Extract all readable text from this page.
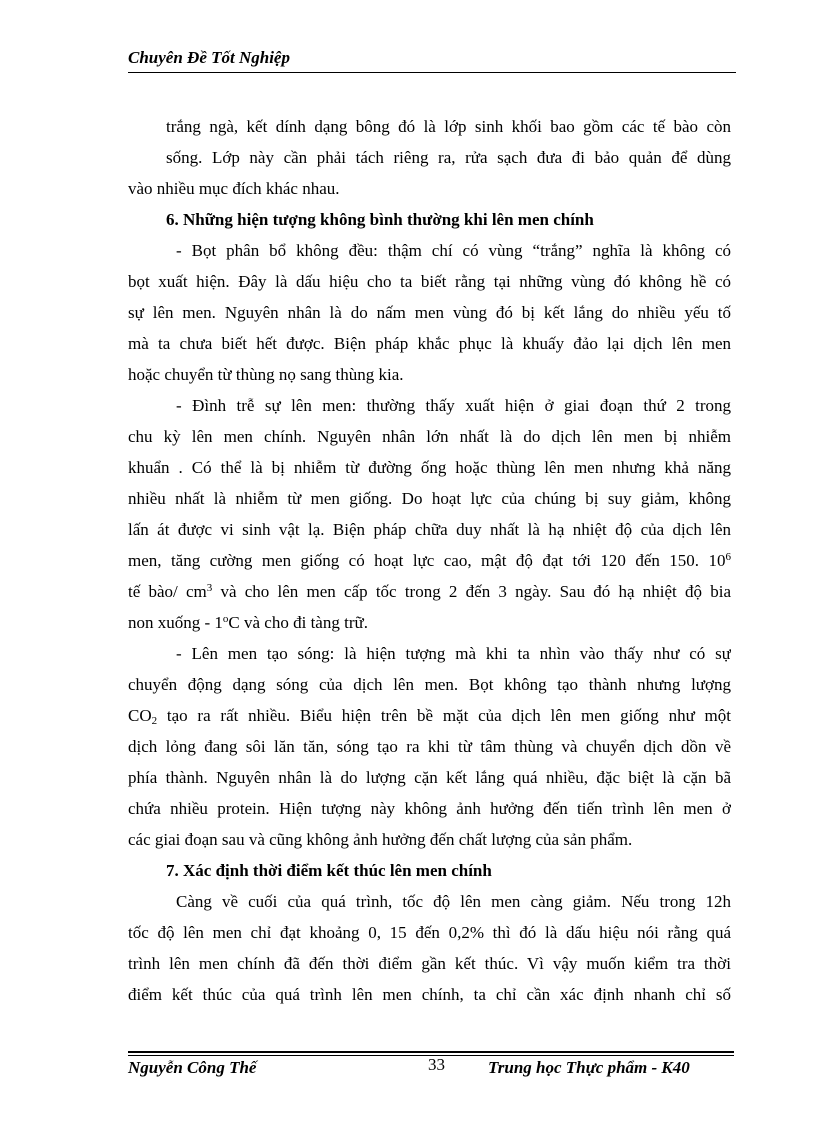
Chuyên Đề Tốt Nghiệp
trắng ngà, kết dính dạng bông đó là lớp sinh khối bao gồm các tế bào còn
sống. Lớp này cần phải tách riêng ra, rửa sạch đưa đi bảo quản để dùng
vào nhiều mục đích khác nhau.
6. Những hiện tượng không bình thường khi lên men chính
- Bọt phân bổ không đều: thậm chí có vùng “trắng” nghĩa là không có
bọt xuất hiện. Đây là dấu hiệu cho ta biết rằng tại những vùng đó không hề có
sự lên men. Nguyên nhân là do nấm men vùng đó bị kết lắng do nhiều yếu tố
mà ta chưa biết hết được. Biện pháp khắc phục là khuấy đảo lại dịch lên men
hoặc chuyển từ thùng nọ sang thùng kia.
- Đình trễ sự lên men: thường thấy xuất hiện ở giai đoạn thứ 2 trong
chu kỳ lên men chính. Nguyên nhân lớn nhất là do dịch lên men bị nhiễm
khuẩn . Có thể là bị nhiễm từ đường ống hoặc thùng lên men nhưng khả năng
nhiều nhất là nhiễm từ men giống. Do hoạt lực của chúng bị suy giảm, không
lấn át được vi sinh vật lạ. Biện pháp chữa duy nhất là hạ nhiệt độ của dịch lên
men, tăng cường men giống có hoạt lực cao, mật độ đạt tới 120 đến 150. $10^6$
tế bào/ $cm^3$ và cho lên men cấp tốc trong 2 đến 3 ngày. Sau đó hạ nhiệt độ bia
non xuống - 1$^o$C và cho đi tàng trữ.
- Lên men tạo sóng: là hiện tượng mà khi ta nhìn vào thấy như có sự
chuyển động dạng sóng của dịch lên men. Bọt không tạo thành nhưng lượng
$CO_2$ tạo ra rất nhiều. Biểu hiện trên bề mặt của dịch lên men giống như một
dịch lỏng đang sôi lăn tăn, sóng tạo ra khi từ tâm thùng và chuyển dịch dồn về
phía thành. Nguyên nhân là do lượng cặn kết lắng quá nhiều, đặc biệt là cặn bã
chứa nhiều protein. Hiện tượng này không ảnh hưởng đến tiến trình lên men ở
các giai đoạn sau và cũng không ảnh hưởng đến chất lượng của sản phẩm.
7. Xác định thời điểm kết thúc lên men chính
Càng về cuối của quá trình, tốc độ lên men càng giảm. Nếu trong 12h
tốc độ lên men chỉ đạt khoảng 0, 15 đến 0,2% thì đó là dấu hiệu nói rằng quá
trình lên men chính đã đến thời điểm gần kết thúc. Vì vậy muốn kiểm tra thời
điểm kết thúc của quá trình lên men chính, ta chỉ cần xác định nhanh chỉ số
Nguyễn Công Thế	33	Trung học Thực phẩm - K40
